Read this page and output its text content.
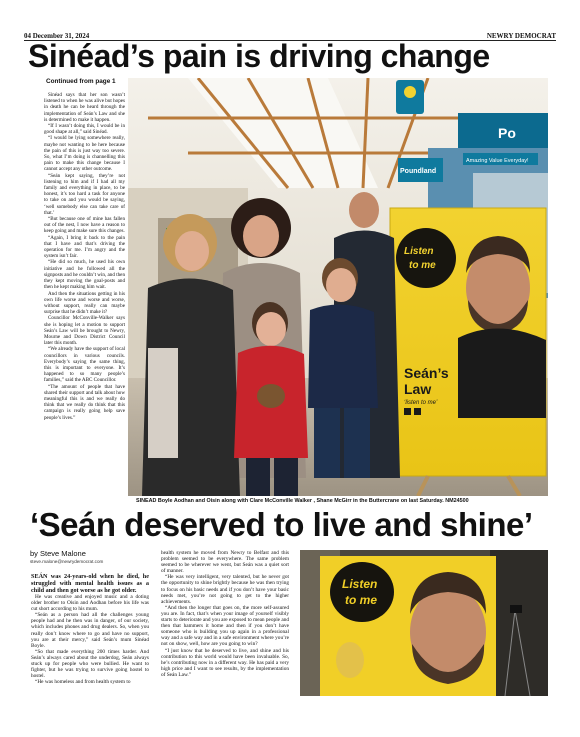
04 December 31, 2024	NEWRY DEMOCRAT
Sinéad’s pain is driving change
Continued from page 1

Sinéad says that her son wasn’t listened to when he was alive but hopes in death he can be heard through the implementation of Seán’s Law and she is determined to make it happen.

“If I wasn’t doing this, I would be in good shape at all,” said Sinéad.

“I would be lying somewhere really, maybe not wanting to be here because the pain of this is just way too severe. So, what I’m doing is channelling this pain to make this change because I cannot accept any other outcome.

“Seán kept saying, they’re not listening to him and if I had all my family and everything in place, to be honest, it’s too hard a task for anyone to take on and you would be saying, ‘well somebody else can take care of that.’

“But because one of mine has fallen out of the nest, I now have a reason to keep going and make sure this changes.

“Again, I bring it back to the pain that I have and that’s driving the operation for me. I’m angry and the system isn’t fair.

“He did so much, he used his own initiative and he followed all the signposts and he couldn’t win, and then they kept moving the goal-posts and then he kept making him wait.

And then the situations getting in his own life worse and worse and worse, without support, really can maybe surprise that he didn’t make it?

Councillor McConville-Walker says she is hoping let a motion to support Seán’s Law will be brought to Newry, Mourne and Down District Council later this month.

“We already have the support of local councillors in various councils. Everybody’s saying the same thing, this is important to everyone. It’s happened to so many people’s families,” said the ABC Councillor.

“The amount of people that have shared their support and talk about how meaningful this is and we really do think that we really do think that this campaign is really going help save people’s lives.”

Po
Poundland
Amazing Value Everyday!
Listen
to me
Seán’s
Law
‘listen to me’
SINEAD Boyle Aodhan and Oisin along with Clare McConville Walker , Shane McGirr in the Buttercrane on last Saturday. NM24500
‘Seán deserved to live and shine’
by Steve Malone
steve.malone@newrydemocrat.com

SEÁN was 24-years-old when he died, he struggled with mental health issues as a child and then got worse as he got older.

He was creative and enjoyed music and a doting older brother to Oisin and Aodhan before his life was cut short according to his mum.

“Seán as a person had all the challenges young people had and he then was in danger, of our society, which includes phones and drug dealers. So, when you really don’t know where to go and have no support, you are at their mercy,” said Seán’s mum Sinéad Boyle.

“So that made everything 200 times harder. And Seán’s always cared about the underdog, Seán always stuck up for people who were bullied. He want to fighter, but he was trying to survive going hostel to hostel.

“He was homeless and from health system to

health system he moved from Newry to Belfast and this problem seemed to be everywhere. The same problem seemed to be wherever we went, but Seán was a quiet sort of manner.

“He was very intelligent, very talented, but he never got the opportunity to shine brightly because he was then trying to focus on his basic needs and if you don’t have your basic needs met, you’re not going to get to the higher achievements.

“And then the longer that goes on, the more self-assured you are. In fact, that’s when your image of yourself visibly starts to deteriorate and you are exposed to mean people and then that hammers it home and then if you don’t have someone who is building you up again in a professional way and a safe way and in a safe environment where you’re not on show, well, how are you going to win?

“I just know that he deserved to live, and shine and his contribution to this world would have been invaluable. So, he’s contributing now in a different way. He has paid a very high price and I want to see results, by the implementation of Seán Law.”

Listen
to me
